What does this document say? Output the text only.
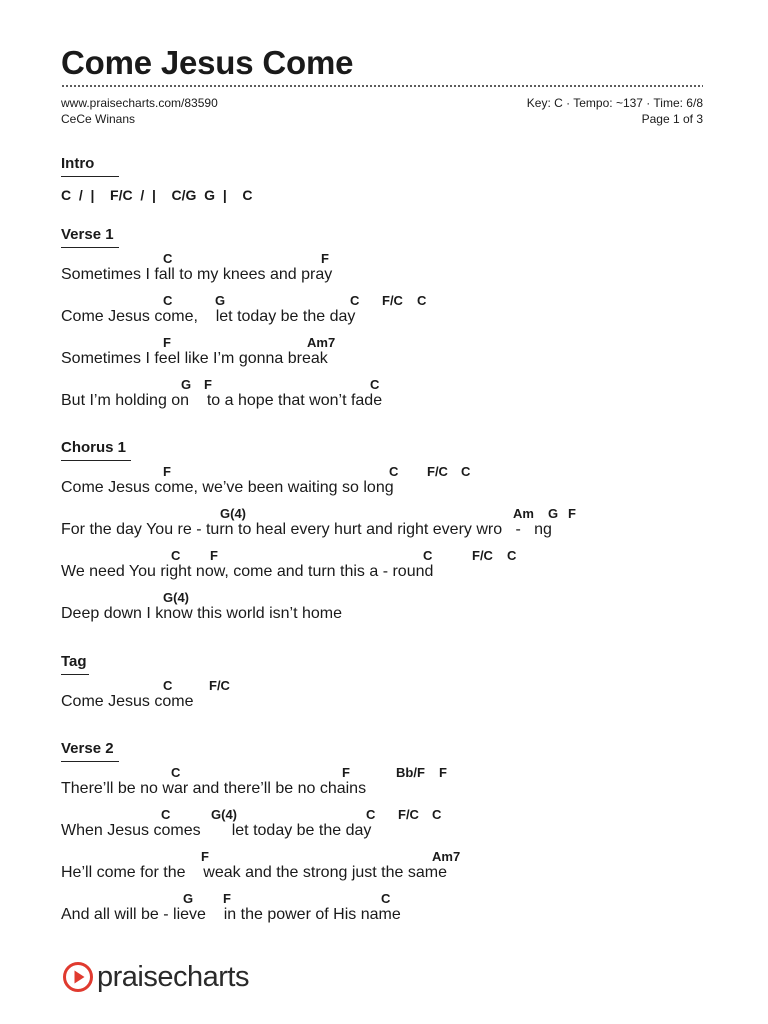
Come Jesus Come
www.praisecharts.com/83590
CeCe Winans
Key: C · Tempo: ~137 · Time: 6/8
Page 1 of 3
Intro
C  /  |    F/C  /  |    C/G  G  |    C
Verse 1
C	F
Sometimes I fall to my knees and pray
C	G	C F/C C
Come Jesus come,    let today be the day
F	Am7
Sometimes I feel like I’m gonna break
G F	C
But I’m holding on    to a hope that won’t fade
Chorus 1
F	C F/C C
Come Jesus come, we’ve been waiting so long
G(4)	Am G F
For the day You re - turn to heal every hurt and right every wro   -   ng
C F	C	F/C C
We need You right now, come and turn this a - round
G(4)
Deep down I know this world isn’t home
Tag
C	F/C
Come Jesus come
Verse 2
C	F	Bb/F F
There’ll be no war and there’ll be no chains
C	G(4)	C F/C C
When Jesus comes       let today be the day
F	Am7
He’ll come for the    weak and the strong just the same
G F	C
And all will be - lieve    in the power of His name
praisecharts
